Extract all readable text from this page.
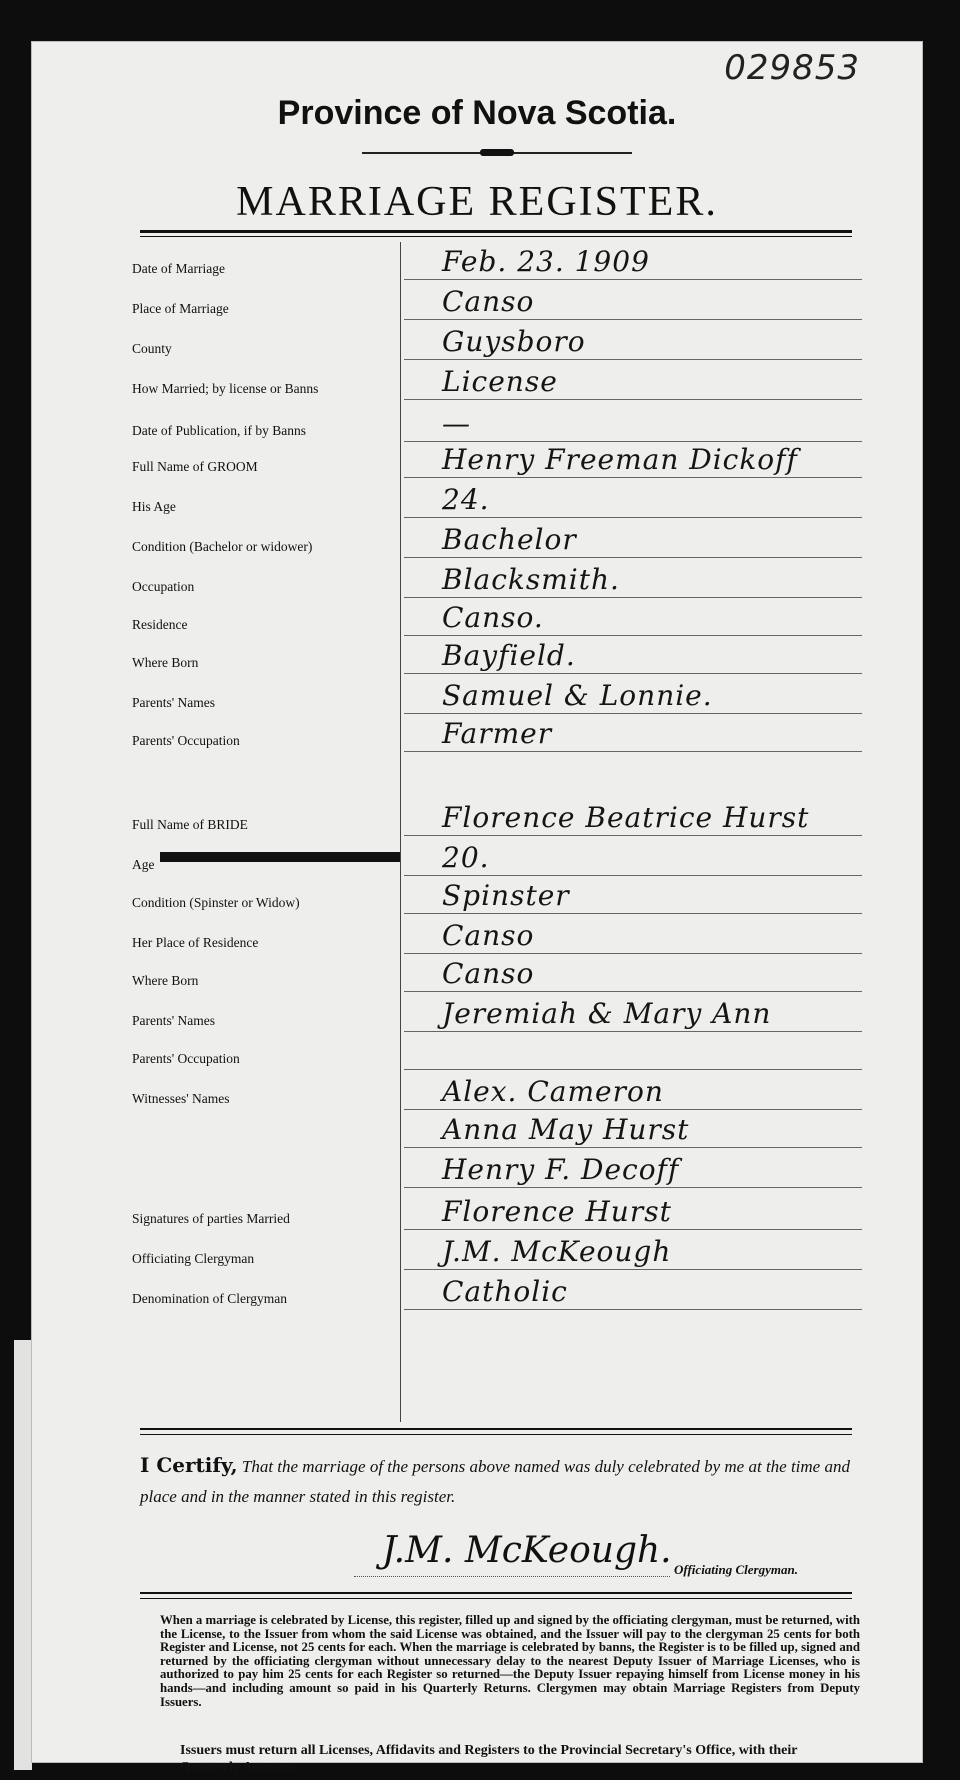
029853
Province of Nova Scotia.
MARRIAGE REGISTER.
Date of Marriage	Feb. 23. 1909
Place of Marriage	Canso
County	Guysboro
How Married; by license or Banns	License
Date of Publication, if by Banns	—
Full Name of GROOM	Henry Freeman Dickoff
His Age	24.
Condition (Bachelor or widower)	Bachelor
Occupation	Blacksmith.
Residence	Canso.
Where Born	Bayfield.
Parents' Names	Samuel & Lonnie.
Parents' Occupation	Farmer
Full Name of BRIDE	Florence Beatrice Hurst
Age	20.
Condition (Spinster or Widow)	Spinster
Her Place of Residence	Canso
Where Born	Canso
Parents' Names	Jeremiah & Mary Ann
Parents' Occupation
Witnesses' Names	Alex. Cameron
Anna May Hurst
Henry F. Decoff
Signatures of parties Married	Florence Hurst
Officiating Clergyman	J.M. McKeough
Denomination of Clergyman	Catholic
I Certify, That the marriage of the persons above named was duly celebrated by me at the time and place and in the manner stated in this register.
J.M. McKeough. Officiating Clergyman.
When a marriage is celebrated by License, this register, filled up and signed by the officiating clergyman, must be returned, with the License, to the Issuer from whom the said License was obtained, and the Issuer will pay to the clergyman 25 cents for both Register and License, not 25 cents for each. When the marriage is celebrated by banns, the Register is to be filled up, signed and returned by the officiating clergyman without unnecessary delay to the nearest Deputy Issuer of Marriage Licenses, who is authorized to pay him 25 cents for each Register so returned—the Deputy Issuer repaying himself from License money in his hands—and including amount so paid in his Quarterly Returns. Clergymen may obtain Marriage Registers from Deputy Issuers.
Issuers must return all Licenses, Affidavits and Registers to the Provincial Secretary's Office, with their Quarterly Accounts.
